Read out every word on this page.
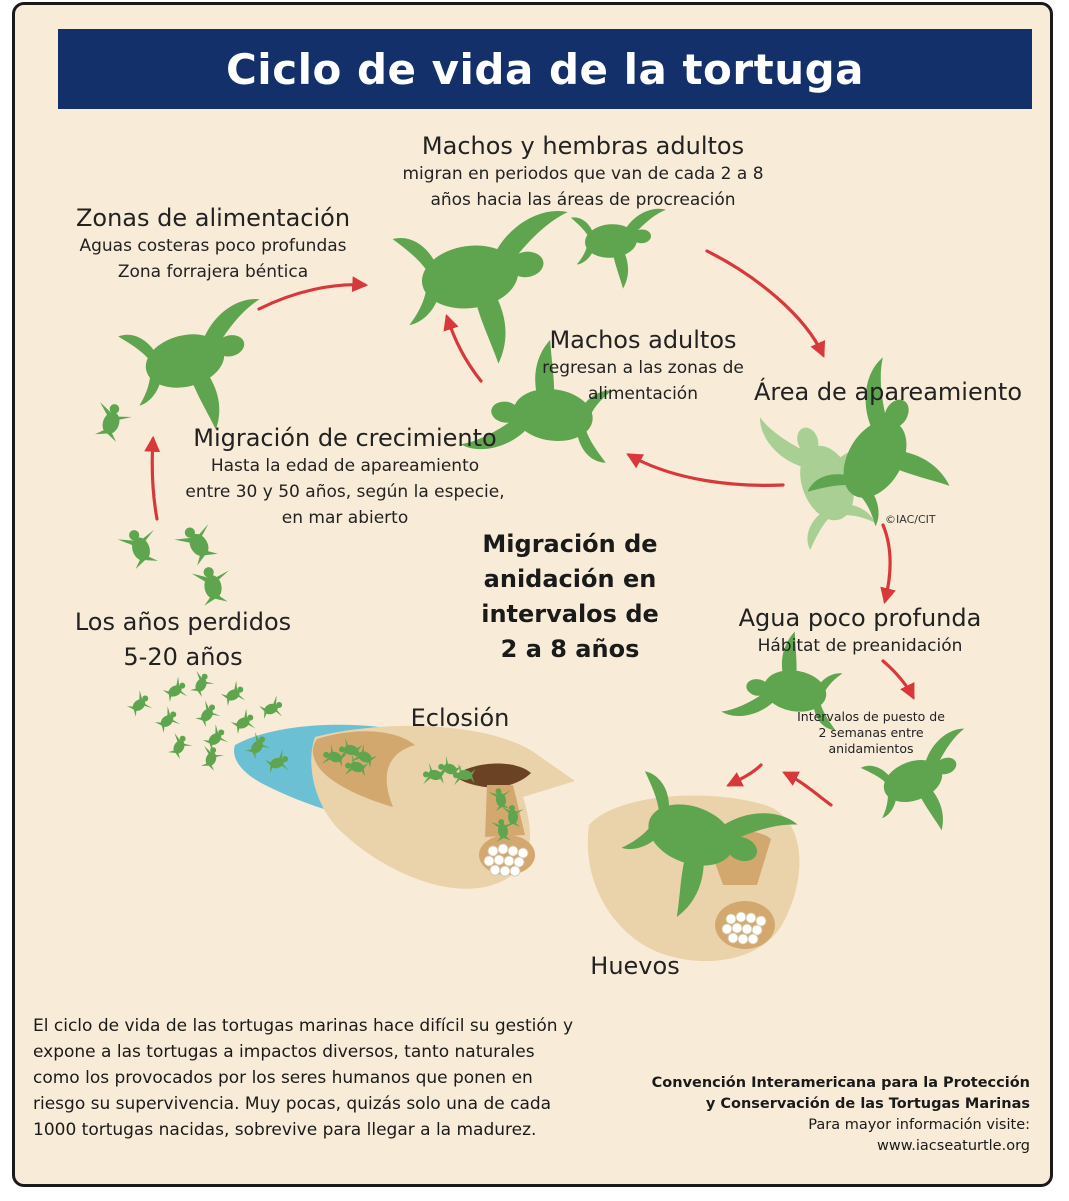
Ciclo de vida de la tortuga
Machos y hembras adultos
migran en periodos que van de cada 2 a 8
años hacia las áreas de procreación
Zonas de alimentación
Aguas costeras poco profundas
Zona forrajera béntica
Machos adultos
regresan a las zonas de
alimentación	Área de apareamiento
Migración de crecimiento
Hasta la edad de apareamiento
entre 30 y 50 años, según la especie,
en mar abierto	©IAC/CIT
Migración de
anidación en
intervalos de
2 a 8 años
Los años perdidos
5-20 años
Agua poco profunda
Hábitat de preanidación
Intervalos de puesto de
2 semanas entre
anidamientos
Eclosión
Huevos
El ciclo de vida de las tortugas marinas hace difícil su gestión y expone a las tortugas a impactos diversos, tanto naturales como los provocados por los seres humanos que ponen en riesgo su supervivencia. Muy pocas, quizás solo una de cada 1000 tortugas nacidas, sobrevive para llegar a la madurez.
Convención Interamericana para la Protección
y Conservación de las Tortugas Marinas
Para mayor información visite:
www.iacseaturtle.org
